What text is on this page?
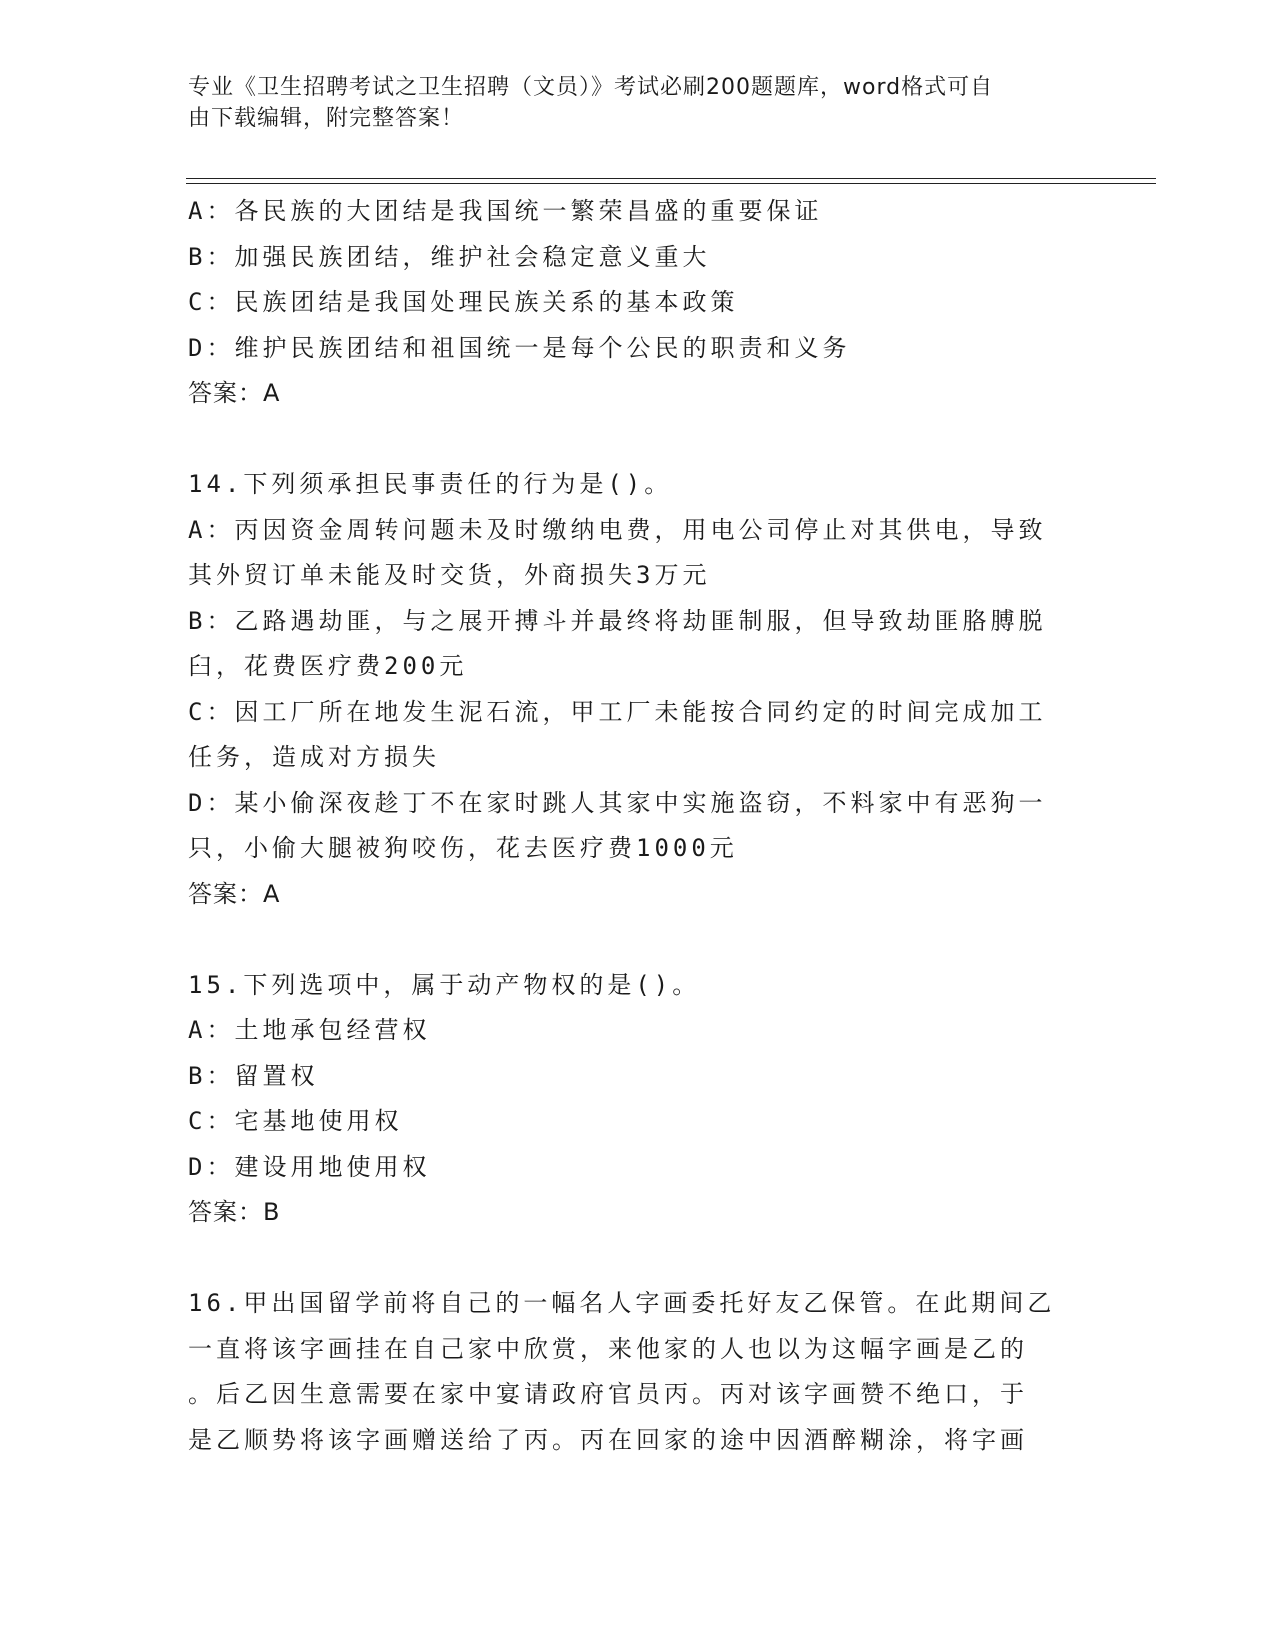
专业《卫生招聘考试之卫生招聘（文员）》考试必刷200题题库，word格式可自
由下载编辑，附完整答案！
A：各民族的大团结是我国统一繁荣昌盛的重要保证
B：加强民族团结，维护社会稳定意义重大
C：民族团结是我国处理民族关系的基本政策
D：维护民族团结和祖国统一是每个公民的职责和义务
答案：A
14.下列须承担民事责任的行为是()。
A：丙因资金周转问题未及时缴纳电费，用电公司停止对其供电，导致
其外贸订单未能及时交货，外商损失3万元
B：乙路遇劫匪，与之展开搏斗并最终将劫匪制服，但导致劫匪胳膊脱
臼，花费医疗费200元
C：因工厂所在地发生泥石流，甲工厂未能按合同约定的时间完成加工
任务，造成对方损失
D：某小偷深夜趁丁不在家时跳人其家中实施盗窃，不料家中有恶狗一
只，小偷大腿被狗咬伤，花去医疗费1000元
答案：A
15.下列选项中，属于动产物权的是()。
A：土地承包经营权
B：留置权
C：宅基地使用权
D：建设用地使用权
答案：B
16.甲出国留学前将自己的一幅名人字画委托好友乙保管。在此期间乙
一直将该字画挂在自己家中欣赏，来他家的人也以为这幅字画是乙的
。后乙因生意需要在家中宴请政府官员丙。丙对该字画赞不绝口，于
是乙顺势将该字画赠送给了丙。丙在回家的途中因酒醉糊涂，将字画
